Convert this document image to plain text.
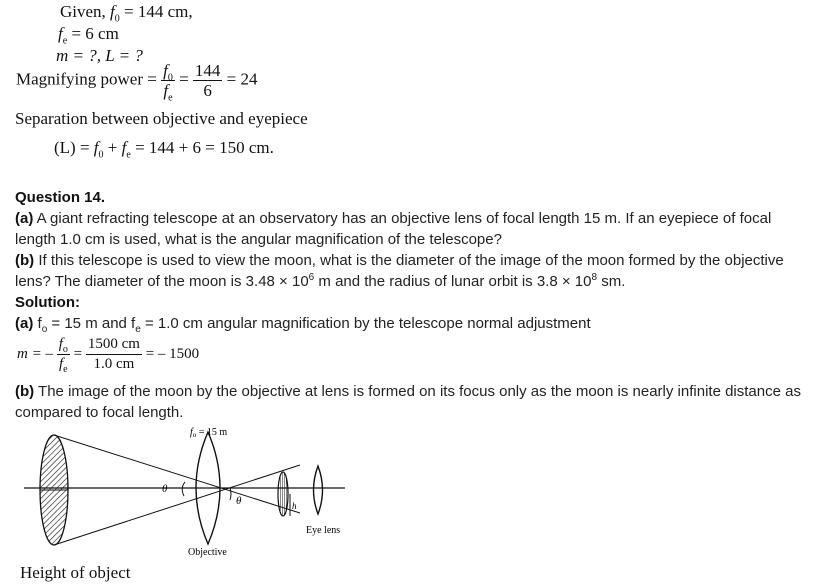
Given, $f_0 = 144$ cm,
$f_e = 6$ cm
m = ?, L = ?
Magnifying power = $\frac{f_0}{f_e} = \frac{144}{6} = 24$
Separation between objective and eyepiece
$(L) = f_0 + f_e = 144 + 6 = 150$ cm.
Question 14.
(a) A giant refracting telescope at an observatory has an objective lens of focal length 15 m. If an eyepiece of focal length 1.0 cm is used, what is the angular magnification of the telescope?
(b) If this telescope is used to view the moon, what is the diameter of the image of the moon formed by the objective lens? The diameter of the moon is $3.48 \times 10^6$ m and the radius of lunar orbit is $3.8 \times 10^8$ sm.
Solution:
(a) $f_o = 15$ m and $f_e = 1.0$ cm angular magnification by the telescope normal adjustment
m = – $\frac{f_o}{f_e} = \frac{1500 cm}{1.0 cm}$ = – 1500
(b) The image of the moon by the objective at lens is formed on its focus only as the moon is nearly infinite distance as compared to focal length.
θ
θ	h
$f_o = 15$ m
Eye lens
Objective
Height of object
